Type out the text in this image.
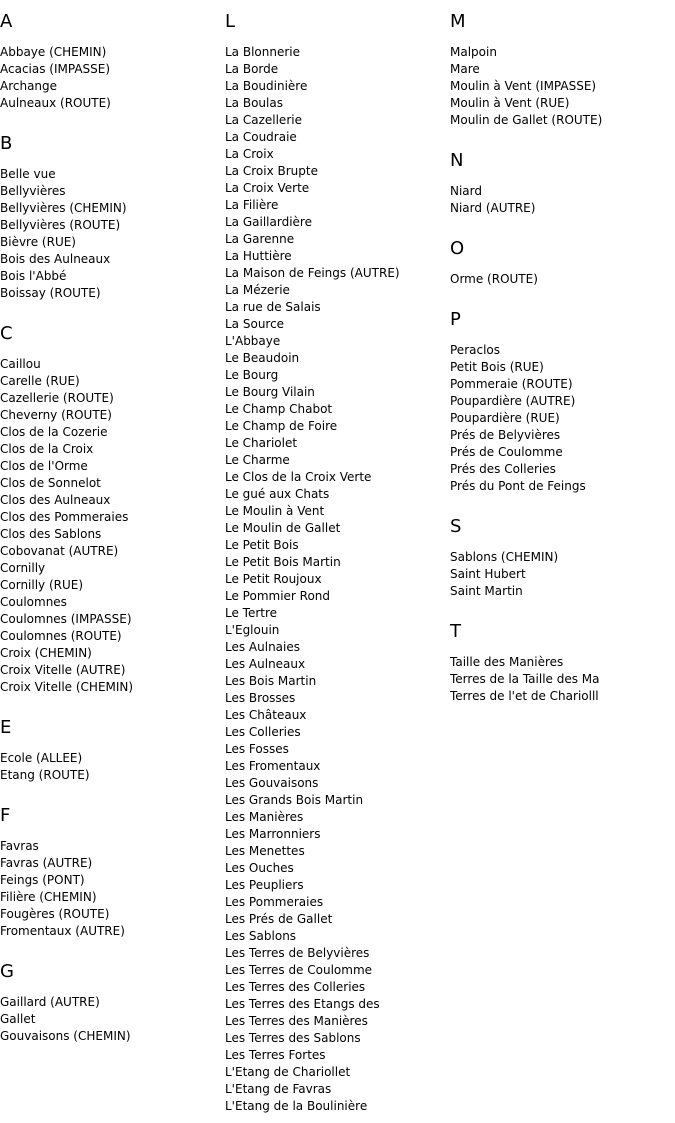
A
Abbaye (CHEMIN)
Acacias (IMPASSE)
Archange
Aulneaux (ROUTE)
B
Belle vue
Bellyvières
Bellyvières (CHEMIN)
Bellyvières (ROUTE)
Bièvre (RUE)
Bois des Aulneaux
Bois l'Abbé
Boissay (ROUTE)
C
Caillou
Carelle (RUE)
Cazellerie (ROUTE)
Cheverny (ROUTE)
Clos de la Cozerie
Clos de la Croix
Clos de l'Orme
Clos de Sonnelot
Clos des Aulneaux
Clos des Pommeraies
Clos des Sablons
Cobovanat (AUTRE)
Cornilly
Cornilly (RUE)
Coulomnes
Coulomnes (IMPASSE)
Coulomnes (ROUTE)
Croix (CHEMIN)
Croix Vitelle (AUTRE)
Croix Vitelle (CHEMIN)
E
Ecole (ALLEE)
Etang (ROUTE)
F
Favras
Favras (AUTRE)
Feings (PONT)
Filière (CHEMIN)
Fougères (ROUTE)
Fromentaux (AUTRE)
G
Gaillard (AUTRE)
Gallet
Gouvaisons (CHEMIN)
L
La Blonnerie
La Borde
La Boudinière
La Boulas
La Cazellerie
La Coudraie
La Croix
La Croix Brupte
La Croix Verte
La Filière
La Gaillardière
La Garenne
La Huttière
La Maison de Feings (AUTRE)
La Mézerie
La rue de Salais
La Source
L'Abbaye
Le Beaudoin
Le Bourg
Le Bourg Vilain
Le Champ Chabot
Le Champ de Foire
Le Chariolet
Le Charme
Le Clos de la Croix Verte
Le gué aux Chats
Le Moulin à Vent
Le Moulin de Gallet
Le Petit Bois
Le Petit Bois Martin
Le Petit Roujoux
Le Pommier Rond
Le Tertre
L'Eglouin
Les Aulnaies
Les Aulneaux
Les Bois Martin
Les Brosses
Les Châteaux
Les Colleries
Les Fosses
Les Fromentaux
Les Gouvaisons
Les Grands Bois Martin
Les Manières
Les Marronniers
Les Menettes
Les Ouches
Les Peupliers
Les Pommeraies
Les Prés de Gallet
Les Sablons
Les Terres de Belyvières
Les Terres de Coulomme
Les Terres des Colleries
Les Terres des Etangs des
Les Terres des Manières
Les Terres des Sablons
Les Terres Fortes
L'Etang de Chariollet
L'Etang de Favras
L'Etang de la Boulinière
M
Malpoin
Mare
Moulin à Vent (IMPASSE)
Moulin à Vent (RUE)
Moulin de Gallet (ROUTE)
N
Niard
Niard (AUTRE)
O
Orme (ROUTE)
P
Peraclos
Petit Bois (RUE)
Pommeraie (ROUTE)
Poupardière (AUTRE)
Poupardière (RUE)
Prés de Belyvières
Prés de Coulomme
Prés des Colleries
Prés du Pont de Feings
S
Sablons (CHEMIN)
Saint Hubert
Saint Martin
T
Taille des Manières
Terres de la Taille des Ma
Terres de l'et de Chariolll
